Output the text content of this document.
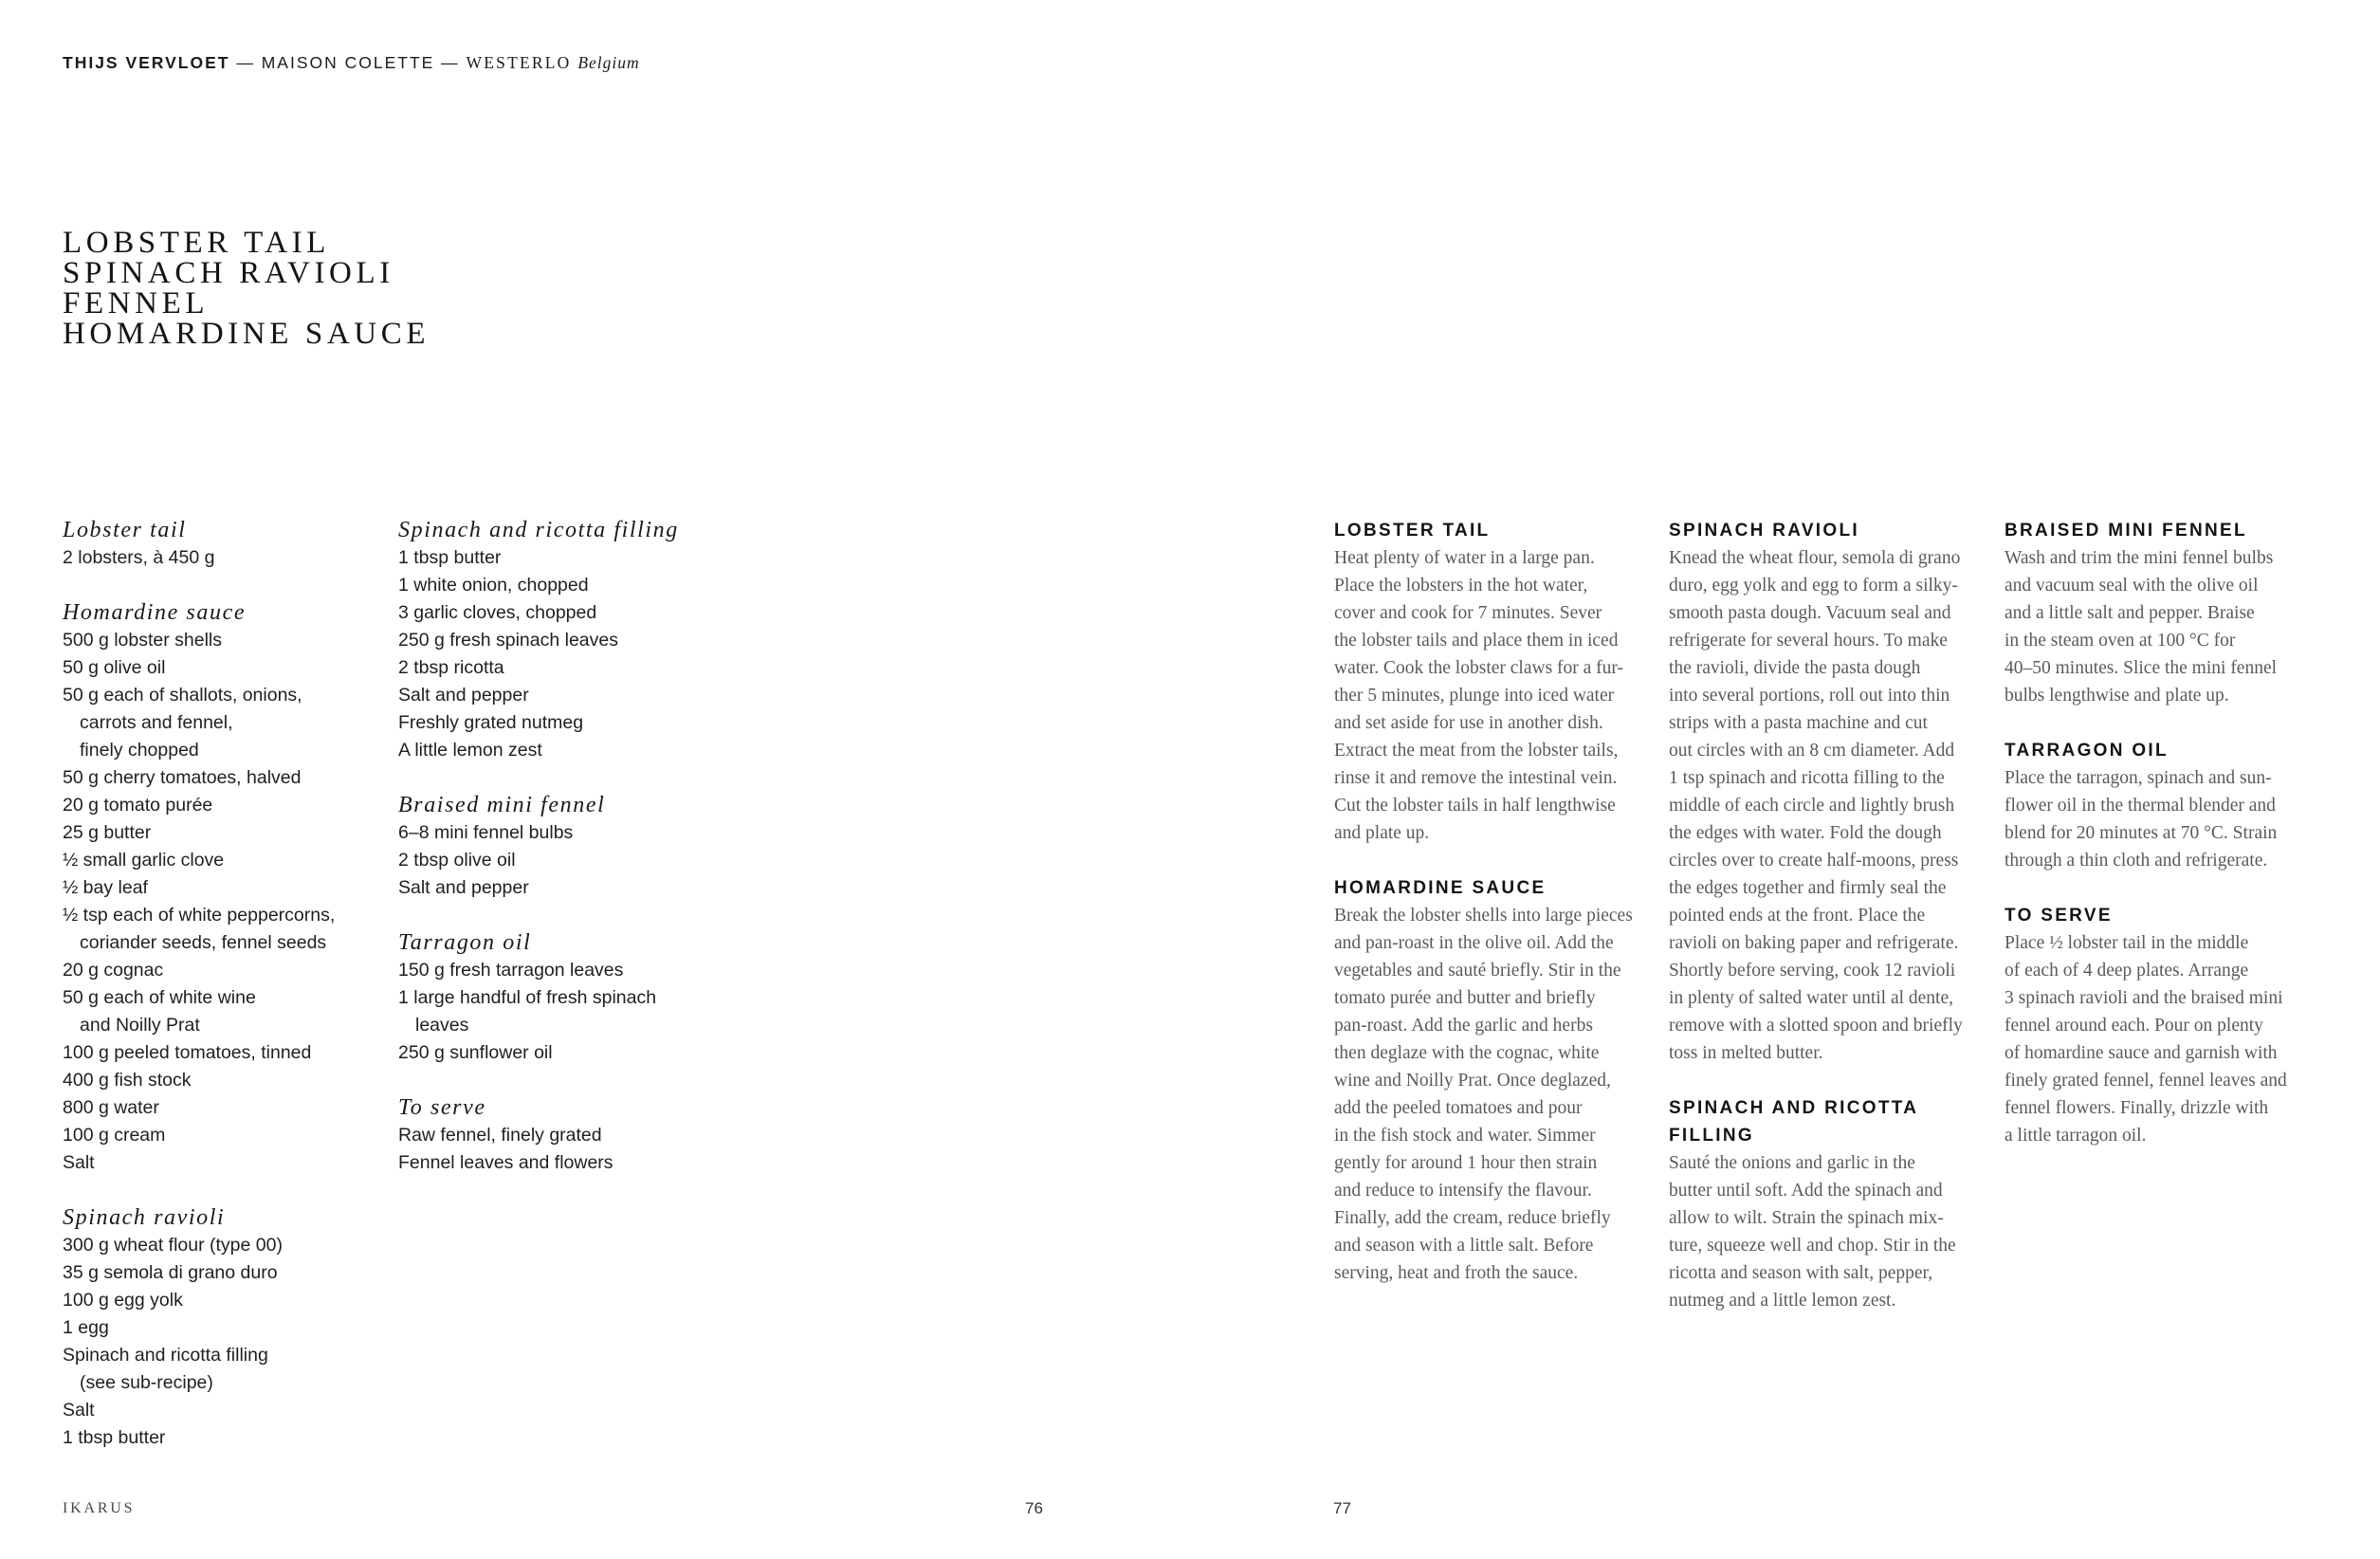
THIJS VERVLOET — MAISON COLETTE — WESTERLO Belgium
LOBSTER TAIL
SPINACH RAVIOLI
FENNEL
HOMARDINE SAUCE
Lobster tail
2 lobsters, à 450 g
Homardine sauce
500 g lobster shells
50 g olive oil
50 g each of shallots, onions,
carrots and fennel,
finely chopped
50 g cherry tomatoes, halved
20 g tomato purée
25 g butter
½ small garlic clove
½ bay leaf
½ tsp each of white peppercorns,
coriander seeds, fennel seeds
20 g cognac
50 g each of white wine
and Noilly Prat
100 g peeled tomatoes, tinned
400 g fish stock
800 g water
100 g cream
Salt
Spinach ravioli
300 g wheat flour (type 00)
35 g semola di grano duro
100 g egg yolk
1 egg
Spinach and ricotta filling
(see sub-recipe)
Salt
1 tbsp butter
Spinach and ricotta filling
1 tbsp butter
1 white onion, chopped
3 garlic cloves, chopped
250 g fresh spinach leaves
2 tbsp ricotta
Salt and pepper
Freshly grated nutmeg
A little lemon zest
Braised mini fennel
6–8 mini fennel bulbs
2 tbsp olive oil
Salt and pepper
Tarragon oil
150 g fresh tarragon leaves
1 large handful of fresh spinach
leaves
250 g sunflower oil
To serve
Raw fennel, finely grated
Fennel leaves and flowers
LOBSTER TAIL
Heat plenty of water in a large pan.
Place the lobsters in the hot water,
cover and cook for 7 minutes. Sever
the lobster tails and place them in iced
water. Cook the lobster claws for a fur-
ther 5 minutes, plunge into iced water
and set aside for use in another dish.
Extract the meat from the lobster tails,
rinse it and remove the intestinal vein.
Cut the lobster tails in half lengthwise
and plate up.
HOMARDINE SAUCE
Break the lobster shells into large pieces
and pan-roast in the olive oil. Add the
vegetables and sauté briefly. Stir in the
tomato purée and butter and briefly
pan-roast. Add the garlic and herbs
then deglaze with the cognac, white
wine and Noilly Prat. Once deglazed,
add the peeled tomatoes and pour
in the fish stock and water. Simmer
gently for around 1 hour then strain
and reduce to intensify the flavour.
Finally, add the cream, reduce briefly
and season with a little salt. Before
serving, heat and froth the sauce.
SPINACH RAVIOLI
Knead the wheat flour, semola di grano
duro, egg yolk and egg to form a silky-
smooth pasta dough. Vacuum seal and
refrigerate for several hours. To make
the ravioli, divide the pasta dough
into several portions, roll out into thin
strips with a pasta machine and cut
out circles with an 8 cm diameter. Add
1 tsp spinach and ricotta filling to the
middle of each circle and lightly brush
the edges with water. Fold the dough
circles over to create half-moons, press
the edges together and firmly seal the
pointed ends at the front. Place the
ravioli on baking paper and refrigerate.
Shortly before serving, cook 12 ravioli
in plenty of salted water until al dente,
remove with a slotted spoon and briefly
toss in melted butter.
SPINACH AND RICOTTA
FILLING
Sauté the onions and garlic in the
butter until soft. Add the spinach and
allow to wilt. Strain the spinach mix-
ture, squeeze well and chop. Stir in the
ricotta and season with salt, pepper,
nutmeg and a little lemon zest.
BRAISED MINI FENNEL
Wash and trim the mini fennel bulbs
and vacuum seal with the olive oil
and a little salt and pepper. Braise
in the steam oven at 100 °C for
40–50 minutes. Slice the mini fennel
bulbs lengthwise and plate up.
TARRAGON OIL
Place the tarragon, spinach and sun-
flower oil in the thermal blender and
blend for 20 minutes at 70 °C. Strain
through a thin cloth and refrigerate.
TO SERVE
Place ½ lobster tail in the middle
of each of 4 deep plates. Arrange
3 spinach ravioli and the braised mini
fennel around each. Pour on plenty
of homardine sauce and garnish with
finely grated fennel, fennel leaves and
fennel flowers. Finally, drizzle with
a little tarragon oil.
IKARUS	76	77
